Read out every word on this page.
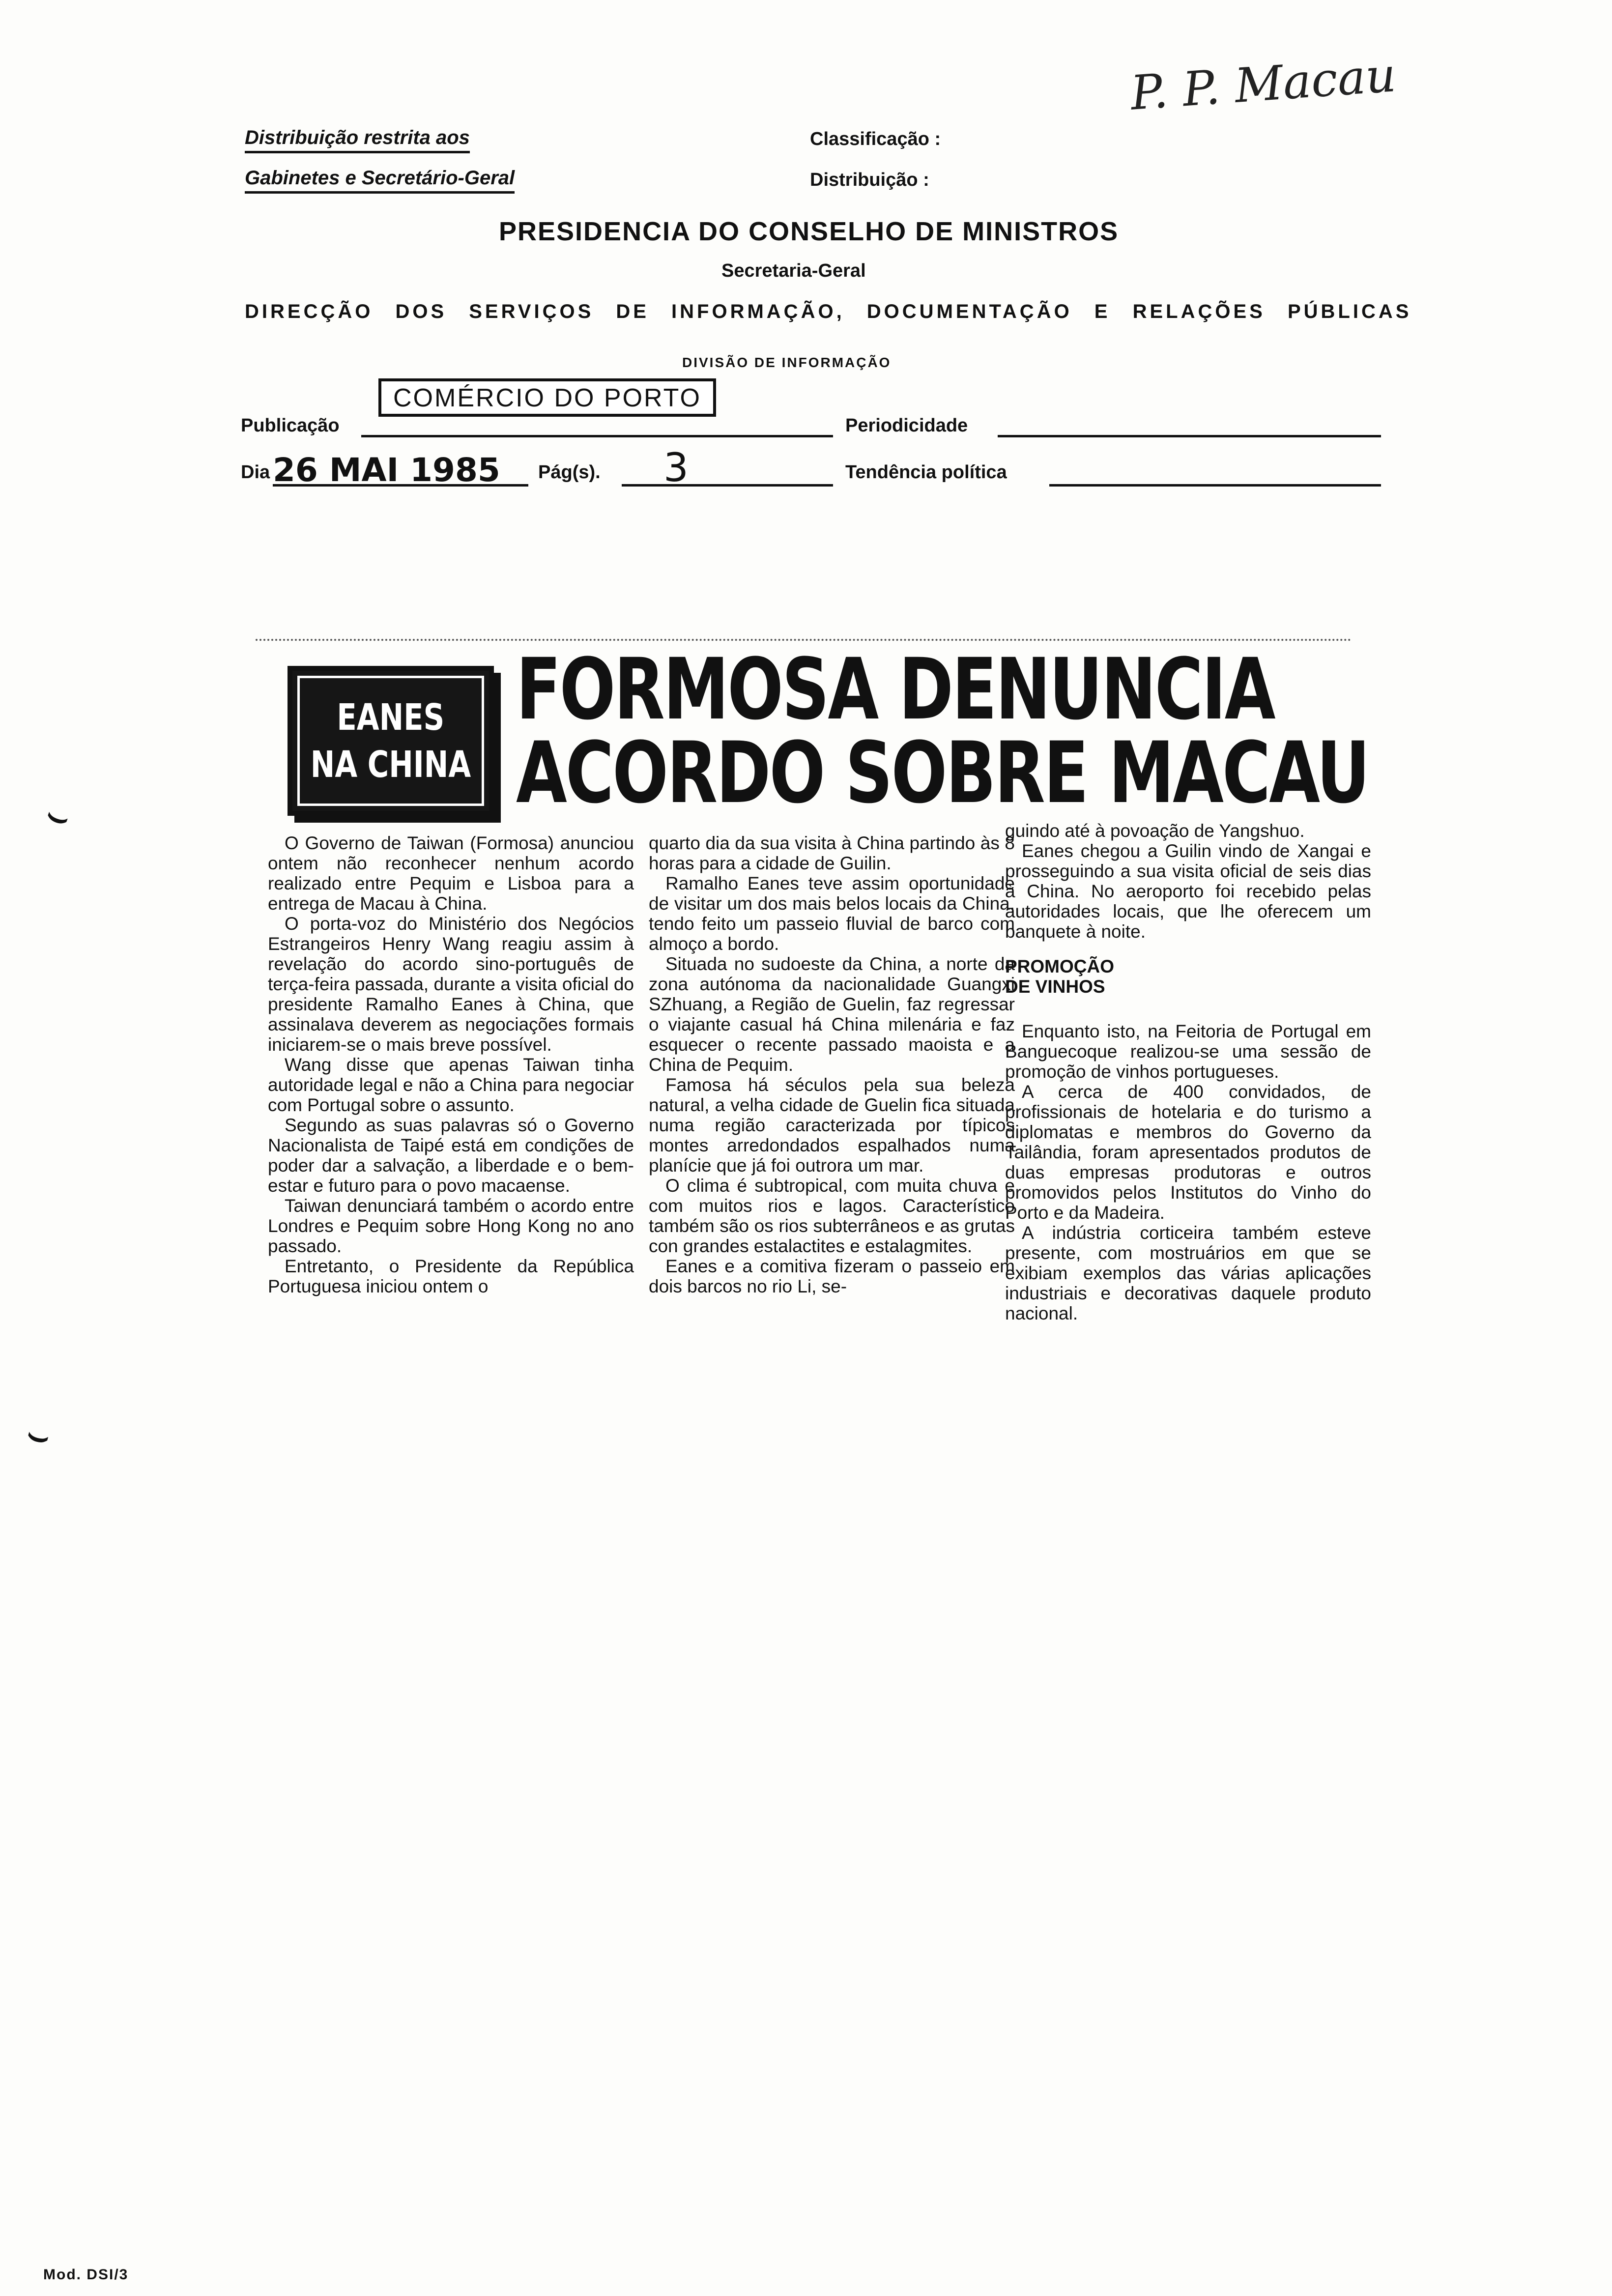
Distribuição restrita aos
Gabinetes e Secretário-Geral
Classificação :
Distribuição :
P. P. Macau
PRESIDENCIA DO CONSELHO DE MINISTROS
Secretaria-Geral
DIRECÇÃO DOS SERVIÇOS DE INFORMAÇÃO, DOCUMENTAÇÃO E RELAÇÕES PÚBLICAS
DIVISÃO DE INFORMAÇÃO
Publicação
COMÉRCIO DO PORTO
Periodicidade
Dia 26 MAI 1985 Pág(s). 3	Tendência política
EANES
NA CHINA
FORMOSA DENUNCIA
ACORDO SOBRE MACAU

O Governo de Taiwan (Formosa) anunciou ontem não reconhecer nenhum acordo realizado entre Pequim e Lisboa para a entrega de Macau à China.

O porta-voz do Ministério dos Negócios Estrangeiros Henry Wang reagiu assim à revelação do acordo sino-português de terça-feira passada, durante a visita oficial do presidente Ramalho Eanes à China, que assinalava deverem as negociações formais iniciarem-se o mais breve possível.

Wang disse que apenas Taiwan tinha autoridade legal e não a China para negociar com Portugal sobre o assunto.

Segundo as suas palavras só o Governo Nacionalista de Taipé está em condições de poder dar a salvação, a liberdade e o bem-estar e futuro para o povo macaense.

Taiwan denunciará também o acordo entre Londres e Pequim sobre Hong Kong no ano passado.

Entretanto, o Presidente da República Portuguesa iniciou ontem o

quarto dia da sua visita à China partindo às 8 horas para a cidade de Guilin.

Ramalho Eanes teve assim oportunidade de visitar um dos mais belos locais da China, tendo feito um passeio fluvial de barco com almoço a bordo.

Situada no sudoeste da China, a norte da zona autónoma da nacionalidade Guangxi SZhuang, a Região de Guelin, faz regressar o viajante casual há China milenária e faz esquecer o recente passado maoista e a China de Pequim.

Famosa há séculos pela sua beleza natural, a velha cidade de Guelin fica situada numa região caracterizada por típicos montes arredondados espalhados numa planície que já foi outrora um mar.

O clima é subtropical, com muita chuva e com muitos rios e lagos. Característico também são os rios subterrâneos e as grutas con grandes estalactites e estalagmites.

Eanes e a comitiva fizeram o passeio em dois barcos no rio Li, se-

guindo até à povoação de Yangshuo.

Eanes chegou a Guilin vindo de Xangai e prosseguindo a sua visita oficial de seis dias à China. No aeroporto foi recebido pelas autoridades locais, que lhe oferecem um banquete à noite.

PROMOÇÃO
DE VINHOS

Enquanto isto, na Feitoria de Portugal em Banguecoque realizou-se uma sessão de promoção de vinhos portugueses.

A cerca de 400 convidados, de profissionais de hotelaria e do turismo a diplomatas e membros do Governo da Tailândia, foram apresentados produtos de duas empresas produtoras e outros promovidos pelos Institutos do Vinho do Porto e da Madeira.

A indústria corticeira também esteve presente, com mostruários em que se exibiam exemplos das várias aplicações industriais e decorativas daquele produto nacional.

⌣
⌣
Mod. DSI/3
